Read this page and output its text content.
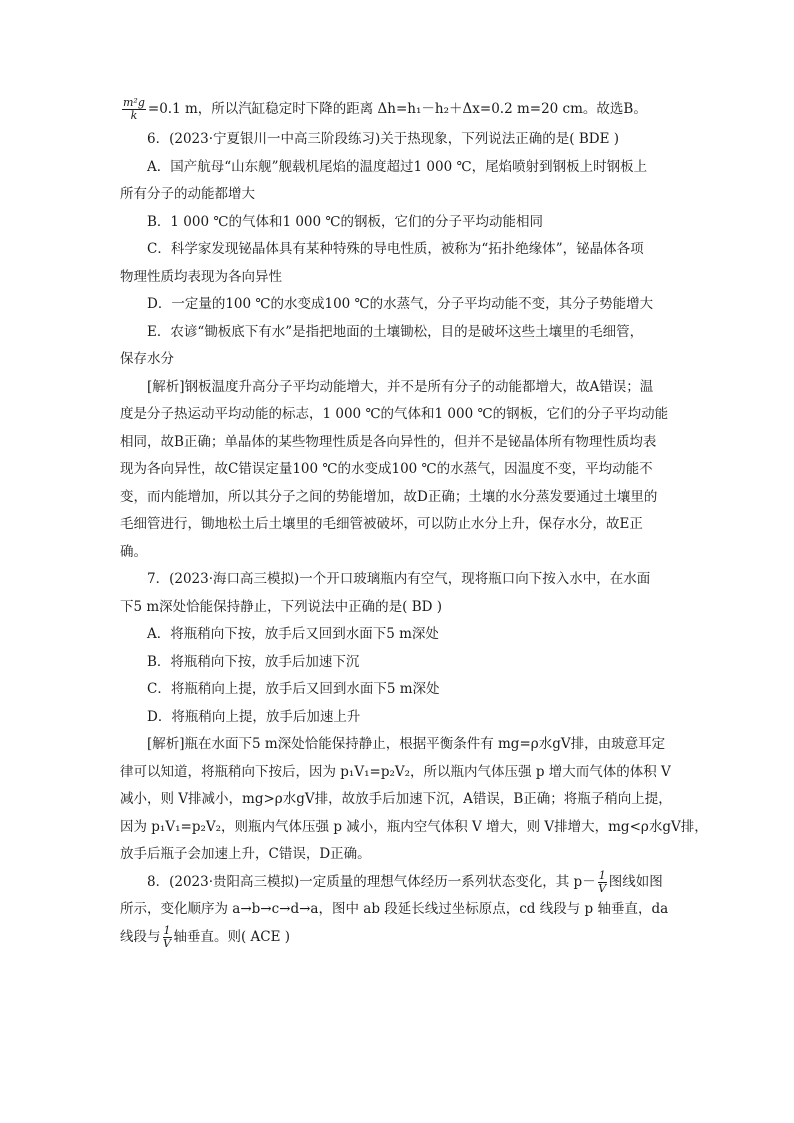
$\frac{\text{m²g}}{k} =0.1$ m，所以汽缸稳定时下降的距离 Δh=h₁－h₂＋Δx=0.2 m=20 cm。故选B。
6．(2023·宁夏银川一中高三阶段练习)关于热现象，下列说法正确的是( BDE )
A．国产航母“山东舰”舰载机尾焰的温度超过1 000 ℃，尾焰喷射到钢板上时钢板上
所有分子的动能都增大
B．1 000 ℃的气体和1 000 ℃的钢板，它们的分子平均动能相同
C．科学家发现铋晶体具有某种特殊的导电性质，被称为“拓扑绝缘体”，铋晶体各项
物理性质均表现为各向异性
D．一定量的100 ℃的水变成100 ℃的水蒸气，分子平均动能不变，其分子势能增大
E．农谚“锄板底下有水”是指把地面的土壤锄松，目的是破坏这些土壤里的毛细管，
保存水分
[解析]钢板温度升高分子平均动能增大，并不是所有分子的动能都增大，故A错误；温
度是分子热运动平均动能的标志，1 000 ℃的气体和1 000 ℃的钢板，它们的分子平均动能
相同，故B正确；单晶体的某些物理性质是各向异性的，但并不是铋晶体所有物理性质均表
现为各向异性，故C错误定量100 ℃的水变成100 ℃的水蒸气，因温度不变，平均动能不
变，而内能增加，所以其分子之间的势能增加，故D正确；土壤的水分蒸发要通过土壤里的
毛细管进行，锄地松土后土壤里的毛细管被破坏，可以防止水分上升，保存水分，故E正
确。
7．(2023·海口高三模拟)一个开口玻璃瓶内有空气，现将瓶口向下按入水中，在水面
下5 m深处恰能保持静止，下列说法中正确的是( BD )
A．将瓶稍向下按，放手后又回到水面下5 m深处
B．将瓶稍向下按，放手后加速下沉
C．将瓶稍向上提，放手后又回到水面下5 m深处
D．将瓶稍向上提，放手后加速上升
[解析]瓶在水面下5 m深处恰能保持静止，根据平衡条件有 mg=ρ水gV排，由玻意耳定
律可以知道，将瓶稍向下按后，因为 p₁V₁=p₂V₂，所以瓶内气体压强 p 增大而气体的体积 V
减小，则 V排减小，mg>ρ水gV排，故放手后加速下沉，A错误，B正确；将瓶子稍向上提，
因为 p₁V₁=p₂V₂，则瓶内气体压强 p 减小，瓶内空气体积 V 增大，则 V排增大，mg<ρ水gV排，
放手后瓶子会加速上升，C错误，D正确。
8．(2023·贵阳高三模拟)一定质量的理想气体经历一系列状态变化，其 $p- \frac{1}{V}$ 图线如图
所示，变化顺序为 a→b→c→d→a，图中 ab 段延长线过坐标原点，cd 线段与 p 轴垂直，da
线段与 $\frac{1}{V}$ 轴垂直。则( ACE )
